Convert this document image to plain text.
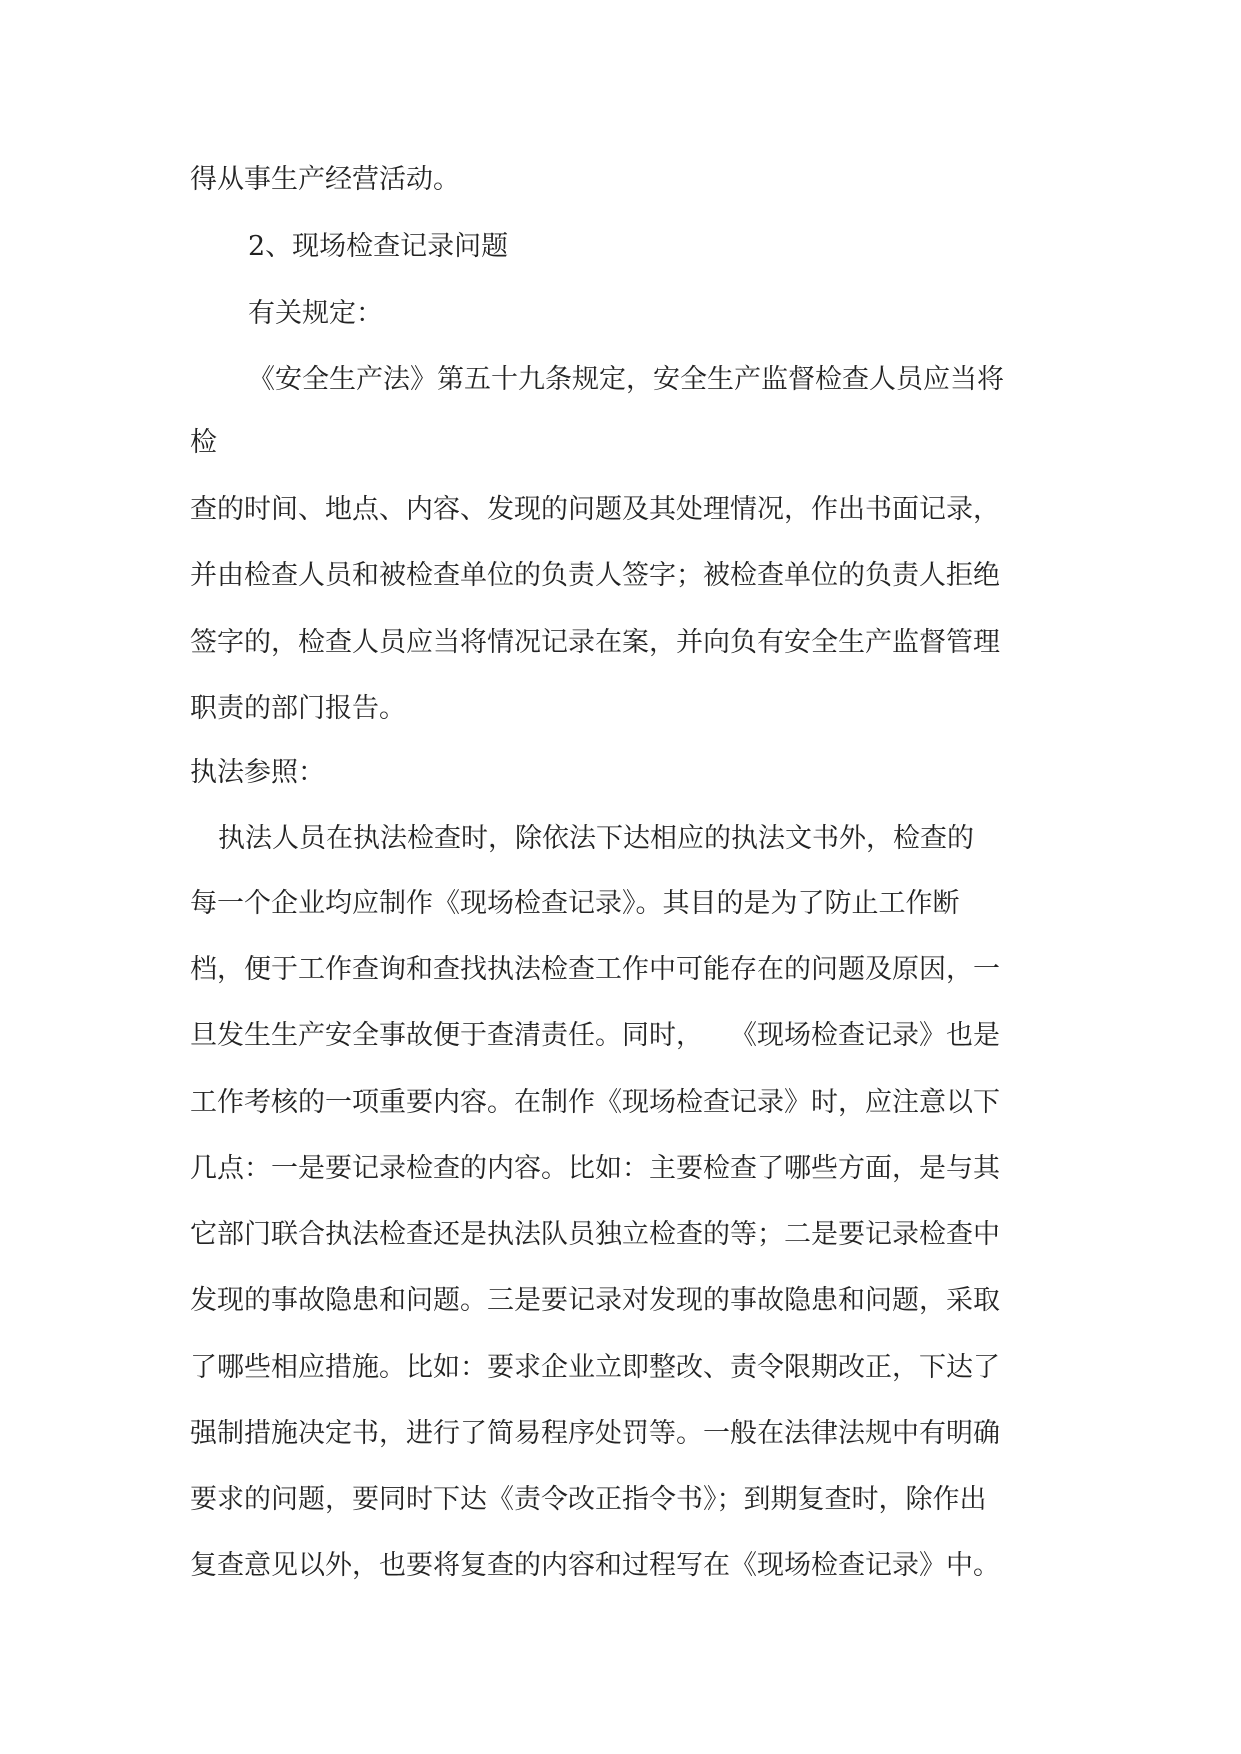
得从事生产经营活动。
2、现场检查记录问题
有关规定：
《安全生产法》第五十九条规定，安全生产监督检查人员应当将
检
查的时间、地点、内容、发现的问题及其处理情况，作出书面记录，
并由检查人员和被检查单位的负责人签字；被检查单位的负责人拒绝
签字的，检查人员应当将情况记录在案，并向负有安全生产监督管理
职责的部门报告。
执法参照：
执法人员在执法检查时，除依法下达相应的执法文书外，检查的
每一个企业均应制作《现场检查记录》。其目的是为了防止工作断
档，便于工作查询和查找执法检查工作中可能存在的问题及原因，一
旦发生生产安全事故便于查清责任。同时，　　《现场检查记录》也是
工作考核的一项重要内容。在制作《现场检查记录》时，应注意以下
几点：一是要记录检查的内容。比如：主要检查了哪些方面，是与其
它部门联合执法检查还是执法队员独立检查的等；二是要记录检查中
发现的事故隐患和问题。三是要记录对发现的事故隐患和问题，采取
了哪些相应措施。比如：要求企业立即整改、责令限期改正，下达了
强制措施决定书，进行了简易程序处罚等。一般在法律法规中有明确
要求的问题，要同时下达《责令改正指令书》；到期复查时，除作出
复查意见以外，也要将复查的内容和过程写在《现场检查记录》中。
